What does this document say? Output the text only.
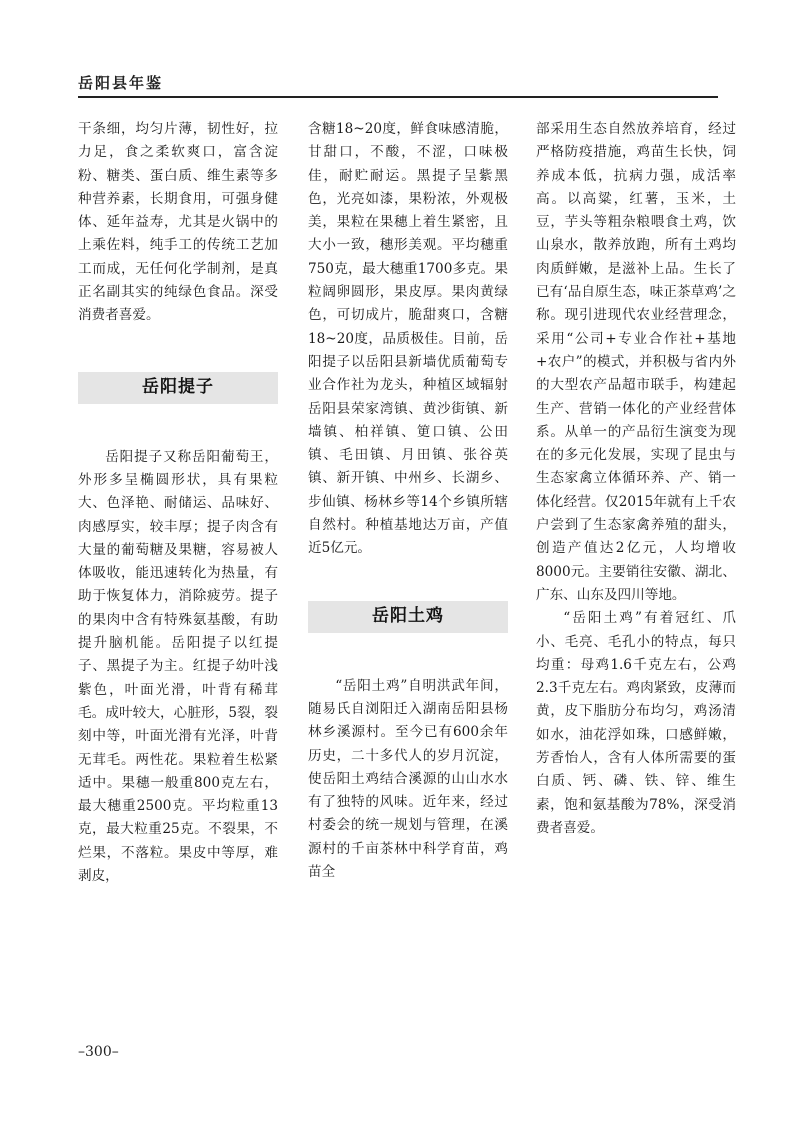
岳阳县年鉴

干条细，均匀片薄，韧性好，拉力足，食之柔软爽口，富含淀粉、糖类、蛋白质、维生素等多种营养素，长期食用，可强身健体、延年益寿，尤其是火锅中的上乘佐料，纯手工的传统工艺加工而成，无任何化学制剂，是真正名副其实的纯绿色食品。深受消费者喜爱。

岳阳提子

岳阳提子又称岳阳葡萄王，外形多呈椭圆形状，具有果粒大、色泽艳、耐储运、品味好、肉感厚实，较丰厚；提子肉含有大量的葡萄糖及果糖，容易被人体吸收，能迅速转化为热量，有助于恢复体力，消除疲劳。提子的果肉中含有特殊氨基酸，有助提升脑机能。岳阳提子以红提子、黑提子为主。红提子幼叶浅紫色，叶面光滑，叶背有稀茸毛。成叶较大，心脏形，5裂，裂刻中等，叶面光滑有光泽，叶背无茸毛。两性花。果粒着生松紧适中。果穗一般重800克左右，最大穗重2500克。平均粒重13克，最大粒重25克。不裂果，不烂果，不落粒。果皮中等厚，难剥皮，

含糖18~20度，鲜食味感清脆，甘甜口，不酸，不涩，口味极佳，耐贮耐运。黑提子呈紫黑色，光亮如漆，果粉浓，外观极美，果粒在果穗上着生紧密，且大小一致，穗形美观。平均穗重750克，最大穗重1700多克。果粒阔卵圆形，果皮厚。果肉黄绿色，可切成片，脆甜爽口，含糖18~20度，品质极佳。目前，岳阳提子以岳阳县新墙优质葡萄专业合作社为龙头，种植区域辐射岳阳县荣家湾镇、黄沙街镇、新墙镇、柏祥镇、筻口镇、公田镇、毛田镇、月田镇、张谷英镇、新开镇、中州乡、长湖乡、步仙镇、杨林乡等14个乡镇所辖自然村。种植基地达万亩，产值近5亿元。

岳阳土鸡

“岳阳土鸡”自明洪武年间，随易氏自浏阳迁入湖南岳阳县杨林乡溪源村。至今已有600余年历史，二十多代人的岁月沉淀，使岳阳土鸡结合溪源的山山水水有了独特的风味。近年来，经过村委会的统一规划与管理，在溪源村的千亩茶林中科学育苗，鸡苗全

部采用生态自然放养培育，经过严格防疫措施，鸡苗生长快，饲养成本低，抗病力强，成活率高。以高粱，红薯，玉米，土豆，芋头等粗杂粮喂食土鸡，饮山泉水，散养放跑，所有土鸡均肉质鲜嫩，是滋补上品。生长了已有‘品自原生态，味正茶草鸡’之称。现引进现代农业经营理念，采用“公司+专业合作社+基地+农户”的模式，并积极与省内外的大型农产品超市联手，构建起生产、营销一体化的产业经营体系。从单一的产品衍生演变为现在的多元化发展，实现了昆虫与生态家禽立体循环养、产、销一体化经营。仅2015年就有上千农户尝到了生态家禽养殖的甜头，创造产值达2亿元，人均增收8000元。主要销往安徽、湖北、广东、山东及四川等地。

“岳阳土鸡”有着冠红、爪小、毛亮、毛孔小的特点，每只均重：母鸡1.6千克左右，公鸡2.3千克左右。鸡肉紧致，皮薄而黄，皮下脂肪分布均匀，鸡汤清如水，油花浮如珠，口感鲜嫩，芳香怡人，含有人体所需要的蛋白质、钙、磷、铁、锌、维生素，饱和氨基酸为78%，深受消费者喜爱。

–300–
